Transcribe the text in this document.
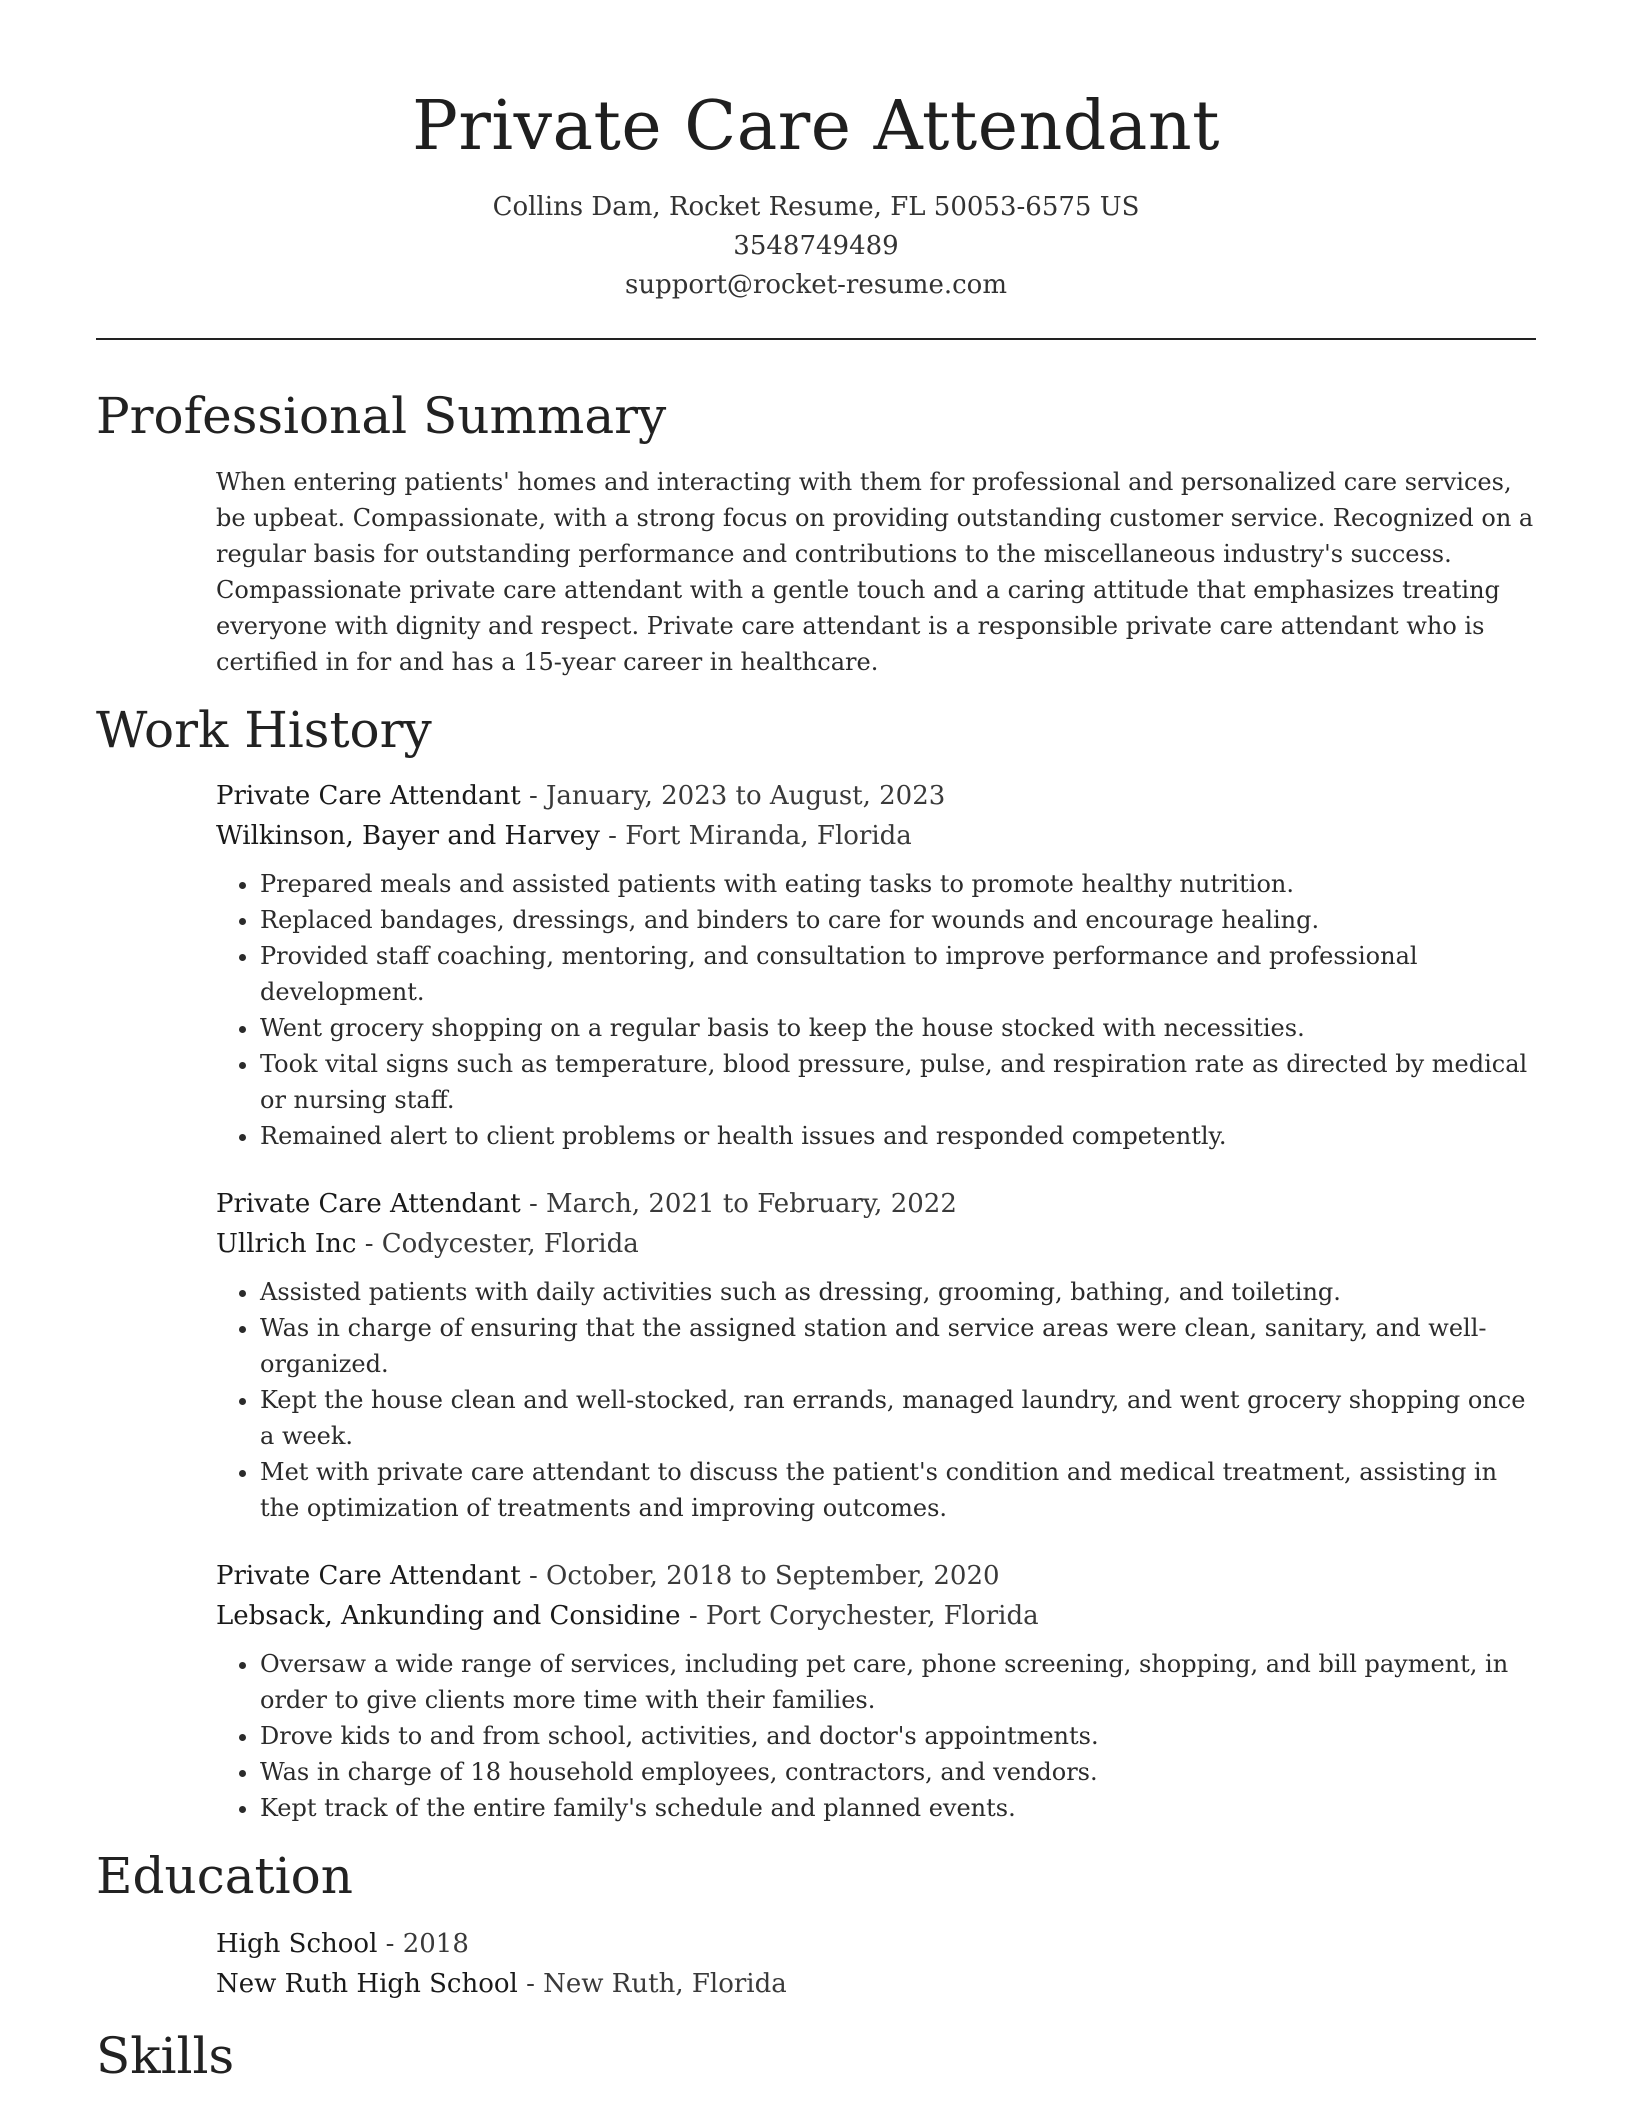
Private Care Attendant
Collins Dam, Rocket Resume, FL 50053-6575 US
3548749489
support@rocket-resume.com
Professional Summary

When entering patients' homes and interacting with them for professional and personalized care services, be upbeat. Compassionate, with a strong focus on providing outstanding customer service. Recognized on a regular basis for outstanding performance and contributions to the miscellaneous industry's success. Compassionate private care attendant with a gentle touch and a caring attitude that emphasizes treating everyone with dignity and respect. Private care attendant is a responsible private care attendant who is certified in for and has a 15-year career in healthcare.

Work History
Private Care Attendant - January, 2023 to August, 2023
Wilkinson, Bayer and Harvey - Fort Miranda, Florida
• Prepared meals and assisted patients with eating tasks to promote healthy nutrition.
• Replaced bandages, dressings, and binders to care for wounds and encourage healing.
• Provided staff coaching, mentoring, and consultation to improve performance and professional development.
• Went grocery shopping on a regular basis to keep the house stocked with necessities.
• Took vital signs such as temperature, blood pressure, pulse, and respiration rate as directed by medical or nursing staff.
• Remained alert to client problems or health issues and responded competently.
Private Care Attendant - March, 2021 to February, 2022
Ullrich Inc - Codycester, Florida
• Assisted patients with daily activities such as dressing, grooming, bathing, and toileting.
• Was in charge of ensuring that the assigned station and service areas were clean, sanitary, and well-organized.
• Kept the house clean and well-stocked, ran errands, managed laundry, and went grocery shopping once a week.
• Met with private care attendant to discuss the patient's condition and medical treatment, assisting in the optimization of treatments and improving outcomes.
Private Care Attendant - October, 2018 to September, 2020
Lebsack, Ankunding and Considine - Port Corychester, Florida
• Oversaw a wide range of services, including pet care, phone screening, shopping, and bill payment, in order to give clients more time with their families.
• Drove kids to and from school, activities, and doctor's appointments.
• Was in charge of 18 household employees, contractors, and vendors.
• Kept track of the entire family's schedule and planned events.
Education
High School - 2018
New Ruth High School - New Ruth, Florida
Skills
